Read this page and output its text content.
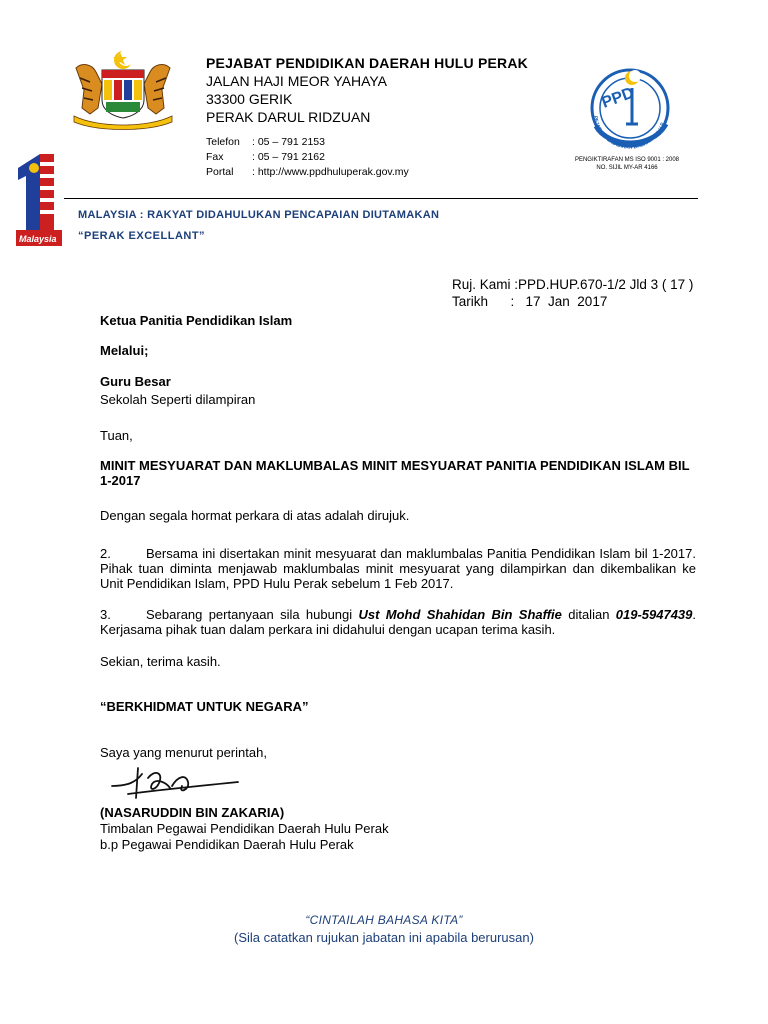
PEJABAT PENDIDIKAN DAERAH HULU PERAK
JALAN HAJI MEOR YAHAYA
33300 GERIK
PERAK DARUL RIDZUAN
Telefon : 05 – 791 2153
Fax	: 05 – 791 2162
Portal : http://www.ppdhuluperak.gov.my
PPD
PEJABAT PENDIDIKAN DAERAH HULU P
PENGIKTIRAFAN MS ISO 9001 : 2008
NO. SIJIL MY-AR 4166
Malaysia
MALAYSIA : RAKYAT DIDAHULUKAN PENCAPAIAN DIUTAMAKAN
“PERAK EXCELLANT”
Ruj. Kami :PPD.HUP.670-1/2 Jld 3 ( 17 )
Tarikh      :   17  Jan  2017
Ketua Panitia Pendidikan Islam
Melalui;
Guru Besar
Sekolah Seperti dilampiran
Tuan,
MINIT MESYUARAT DAN MAKLUMBALAS MINIT MESYUARAT PANITIA PENDIDIKAN ISLAM BIL 1-2017
Dengan segala hormat perkara di atas adalah dirujuk.
2.	Bersama ini disertakan minit mesyuarat dan maklumbalas Panitia Pendidikan Islam bil 1-2017. Pihak tuan diminta menjawab maklumbalas minit mesyuarat yang dilampirkan dan dikembalikan ke Unit Pendidikan Islam, PPD Hulu Perak sebelum 1 Feb 2017.
3.	Sebarang pertanyaan sila hubungi Ust Mohd Shahidan Bin Shaffie ditalian 019-5947439. Kerjasama pihak tuan dalam perkara ini didahului dengan ucapan terima kasih.
Sekian, terima kasih.
“BERKHIDMAT UNTUK NEGARA”
Saya yang menurut perintah,
(NASARUDDIN BIN ZAKARIA)
Timbalan Pegawai Pendidikan Daerah Hulu Perak
b.p Pegawai Pendidikan Daerah Hulu Perak
“CINTAILAH BAHASA KITA”
(Sila catatkan rujukan jabatan ini apabila berurusan)
